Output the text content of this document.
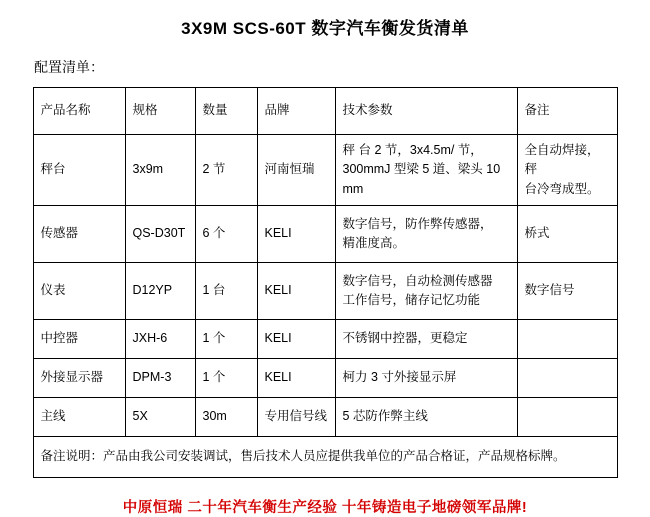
3X9M SCS-60T 数字汽车衡发货清单
配置清单：
产品名称	规格	数量	品牌	技术参数	备注
秤台	3x9m	2 节	河南恒瑞	秤 台 2 节，3x4.5m/ 节，
300mmJ 型梁 5 道、梁头 10mm	全自动焊接，秤
台冷弯成型。

传感器	QS-D30T	6 个	KELI	数字信号，防作弊传感器，
精准度高。	桥式

仪表	D12YP	1 台	KELI	数字信号，自动检测传感器
工作信号，储存记忆功能	数字信号

中控器	JXH-6	1 个	KELI	不锈钢中控器，更稳定	
外接显示器	DPM-3	1 个	KELI	柯力 3 寸外接显示屏	
主线	5X	30m	专用信号线	5 芯防作弊主线	
备注说明：产品由我公司安装调试，售后技术人员应提供我单位的产品合格证，产品规格标牌。					
中原恒瑞 二十年汽车衡生产经验 十年铸造电子地磅领军品牌!
